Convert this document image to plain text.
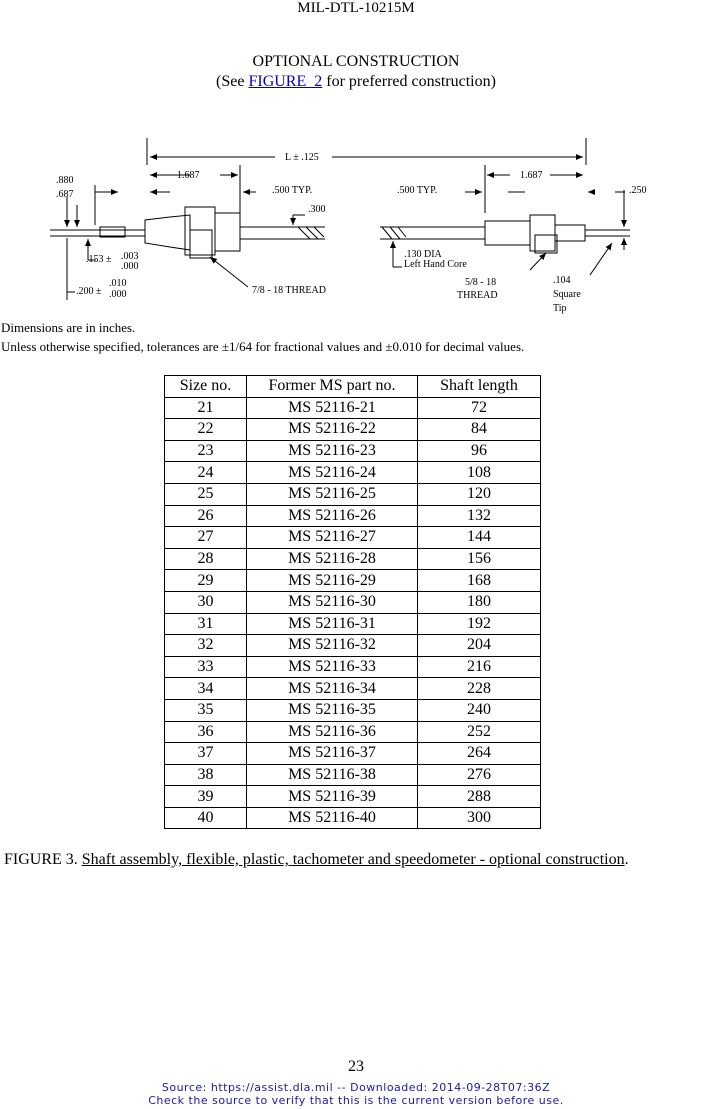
MIL-DTL-10215M
OPTIONAL CONSTRUCTION
(See FIGURE_2 for preferred construction)
L ± .125
1.687	1.687
.880
.687	.500 TYP.	.500 TYP.
.300
.250
.153 ± .003
.000
.200 ±
.010
.000	7/8 - 18 THREAD
.130 DIA
Left Hand Core
5/8 - 18
THREAD
.104
Square
Tip
Dimensions are in inches.
Unless otherwise specified, tolerances are ±1/64 for fractional values and ±0.010 for decimal values.
Size no.	Former MS part no.	Shaft length
21	MS 52116-21	72
22	MS 52116-22	84
23	MS 52116-23	96
24	MS 52116-24	108
25	MS 52116-25	120
26	MS 52116-26	132
27	MS 52116-27	144
28	MS 52116-28	156
29	MS 52116-29	168
30	MS 52116-30	180
31	MS 52116-31	192
32	MS 52116-32	204
33	MS 52116-33	216
34	MS 52116-34	228
35	MS 52116-35	240
36	MS 52116-36	252
37	MS 52116-37	264
38	MS 52116-38	276
39	MS 52116-39	288
40	MS 52116-40	300
FIGURE 3. Shaft assembly, flexible, plastic, tachometer and speedometer - optional construction.
23
Source: https://assist.dla.mil -- Downloaded: 2014-09-28T07:36Z
Check the source to verify that this is the current version before use.
